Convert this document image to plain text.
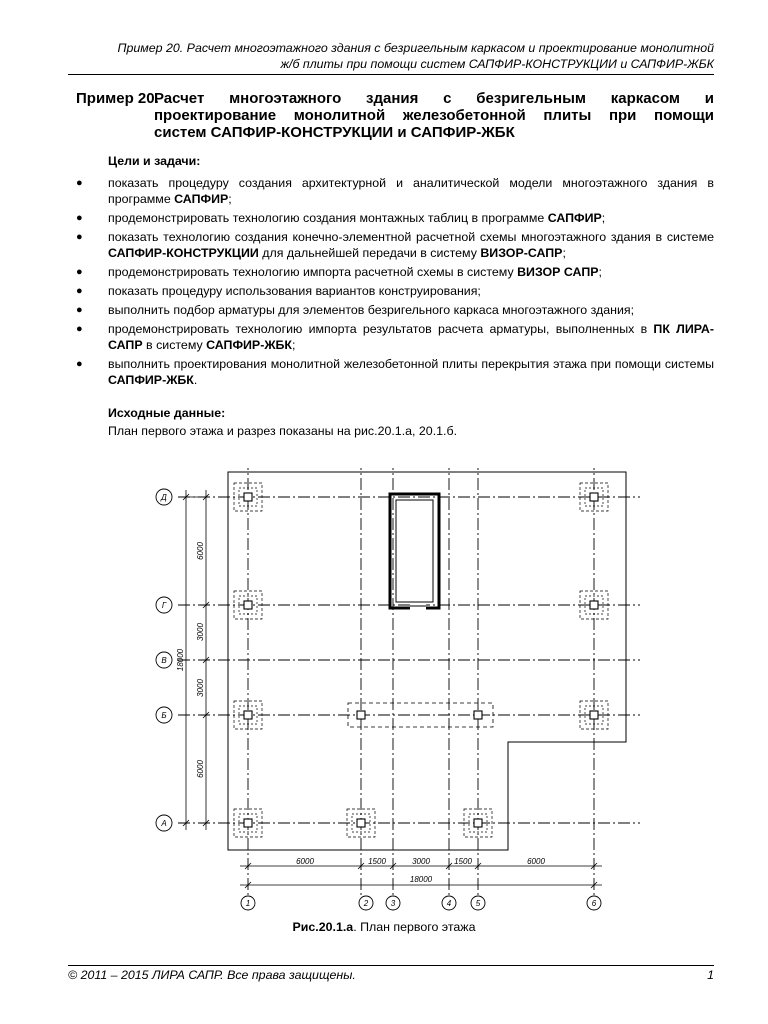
Пример 20. Расчет многоэтажного здания с безригельным каркасом и проектирование монолитной
ж/б плиты при помощи систем САПФИР-КОНСТРУКЦИИ и САПФИР-ЖБК
Пример 20.
Расчет многоэтажного здания с безригельным каркасом и
проектирование монолитной железобетонной плиты при помощи
систем САПФИР-КОНСТРУКЦИИ и САПФИР-ЖБК
Цели и задачи:
● показать процедуру создания архитектурной и аналитической модели многоэтажного здания в программе САПФИР;
● продемонстрировать технологию создания монтажных таблиц в программе САПФИР;
● показать технологию создания конечно-элементной расчетной схемы многоэтажного здания в системе САПФИР-КОНСТРУКЦИИ для дальнейшей передачи в систему ВИЗОР-САПР;
● продемонстрировать технологию импорта расчетной схемы в систему ВИЗОР САПР;
● показать процедуру использования вариантов конструирования;
● выполнить подбор арматуры для элементов безригельного каркаса многоэтажного здания;
● продемонстрировать технологию импорта результатов расчета арматуры, выполненных в ПК ЛИРА-САПР в систему САПФИР-ЖБК;
● выполнить проектирования монолитной железобетонной плиты перекрытия этажа при помощи системы САПФИР-ЖБК.
Исходные данные:
План первого этажа и разрез показаны на рис.20.1.а, 20.1.б.
6000
3000
3000
6000
18000
Д
Г
В
Б
А
6000	1500	3000	1500	6000
18000
1	2	3	4	5	6
Рис.20.1.а. План первого этажа
© 2011 – 2015 ЛИРА САПР. Все права защищены.	1
